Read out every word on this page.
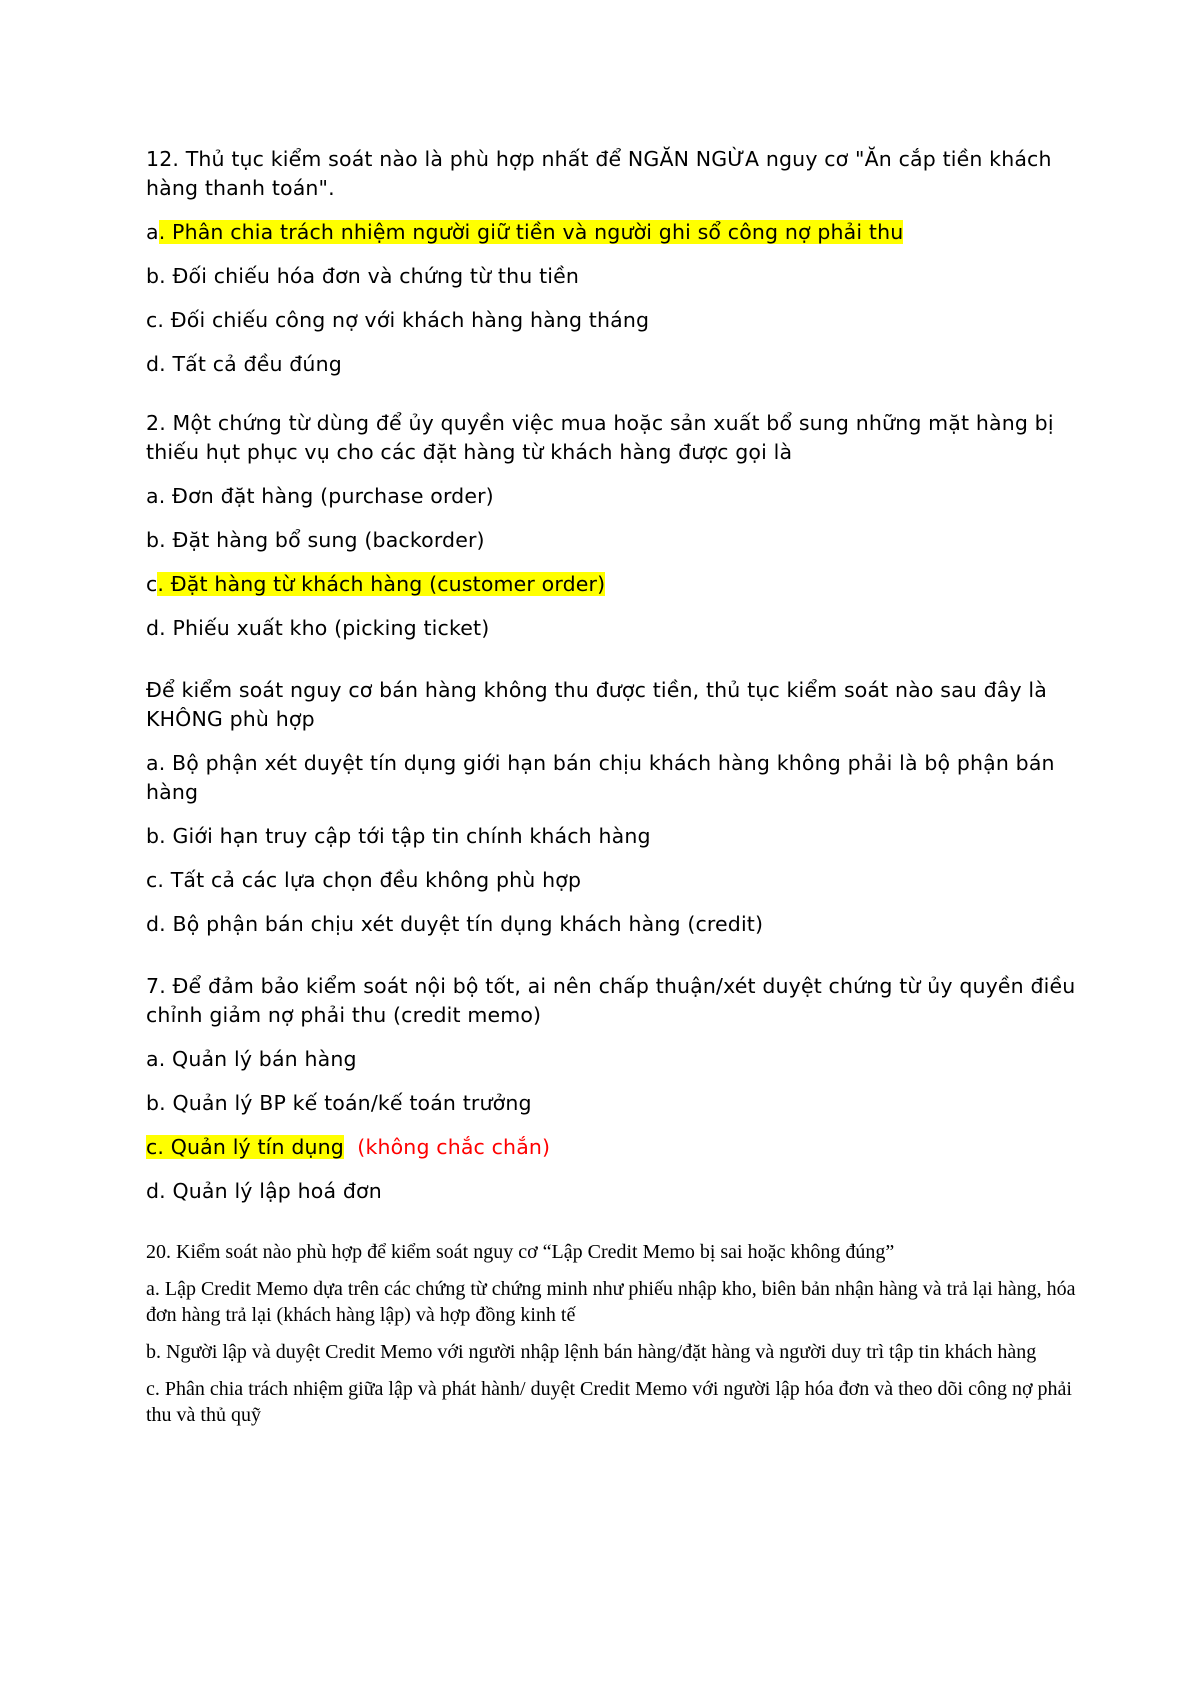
12. Thủ tục kiểm soát nào là phù hợp nhất để NGĂN NGỪA nguy cơ "Ăn cắp tiền khách hàng thanh toán".

a. Phân chia trách nhiệm người giữ tiền và người ghi sổ công nợ phải thu

b. Đối chiếu hóa đơn và chứng từ thu tiền

c. Đối chiếu công nợ với khách hàng hàng tháng

d. Tất cả đều đúng

2. Một chứng từ dùng để ủy quyền việc mua hoặc sản xuất bổ sung những mặt hàng bị thiếu hụt phục vụ cho các đặt hàng từ khách hàng được gọi là

a. Đơn đặt hàng (purchase order)

b. Đặt hàng bổ sung (backorder)

c. Đặt hàng từ khách hàng (customer order)

d. Phiếu xuất kho (picking ticket)

Để kiểm soát nguy cơ bán hàng không thu được tiền, thủ tục kiểm soát nào sau đây là KHÔNG phù hợp

a. Bộ phận xét duyệt tín dụng giới hạn bán chịu khách hàng không phải là bộ phận bán hàng

b. Giới hạn truy cập tới tập tin chính khách hàng

c. Tất cả các lựa chọn đều không phù hợp

d. Bộ phận bán chịu xét duyệt tín dụng khách hàng (credit)

7. Để đảm bảo kiểm soát nội bộ tốt, ai nên chấp thuận/xét duyệt chứng từ ủy quyền điều chỉnh giảm nợ phải thu (credit memo)

a. Quản lý bán hàng

b. Quản lý BP kế toán/kế toán trưởng

c. Quản lý tín dụng (không chắc chắn)

d. Quản lý lập hoá đơn

20. Kiểm soát nào phù hợp để kiểm soát nguy cơ “Lập Credit Memo bị sai hoặc không đúng”

a. Lập Credit Memo dựa trên các chứng từ chứng minh như phiếu nhập kho, biên bản nhận hàng và trả lại hàng, hóa đơn hàng trả lại (khách hàng lập) và hợp đồng kinh tế

b. Người lập và duyệt Credit Memo với người nhập lệnh bán hàng/đặt hàng và người duy trì tập tin khách hàng

c. Phân chia trách nhiệm giữa lập và phát hành/ duyệt Credit Memo với người lập hóa đơn và theo dõi công nợ phải thu và thủ quỹ
